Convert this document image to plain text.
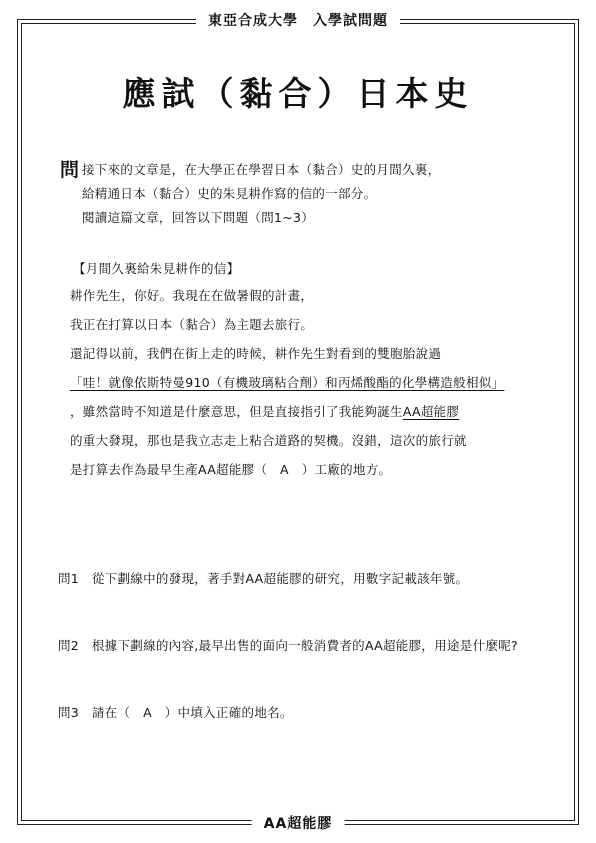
東亞合成大學　入學試問題
應試（黏合）日本史
問 接下來的文章是，在大學正在學習日本（黏合）史的月間久裏，
給精通日本（黏合）史的朱見耕作寫的信的一部分。
閱讀這篇文章，回答以下問題（問1~3）
【月間久裏給朱見耕作的信】
耕作先生，你好。我現在在做暑假的計畫，
我正在打算以日本（黏合）為主題去旅行。
還記得以前，我們在街上走的時候，耕作先生對看到的雙胞胎說過
「哇！就像依斯特曼910（有機玻璃粘合劑）和丙烯酸酯的化學構造般相似」
，雖然當時不知道是什麼意思，但是直接指引了我能夠誕生AA超能膠
的重大發現，那也是我立志走上粘合道路的契機。沒錯，這次的旅行就
是打算去作為最早生產AA超能膠（　A　）工廠的地方。
問1　 從下劃線中的發現，著手對AA超能膠的研究，用數字記載該年號。
問2　 根據下劃線的內容,最早出售的面向一般消費者的AA超能膠，用途是什麼呢?
問3　 請在（　A　）中填入正確的地名。
AA超能膠
